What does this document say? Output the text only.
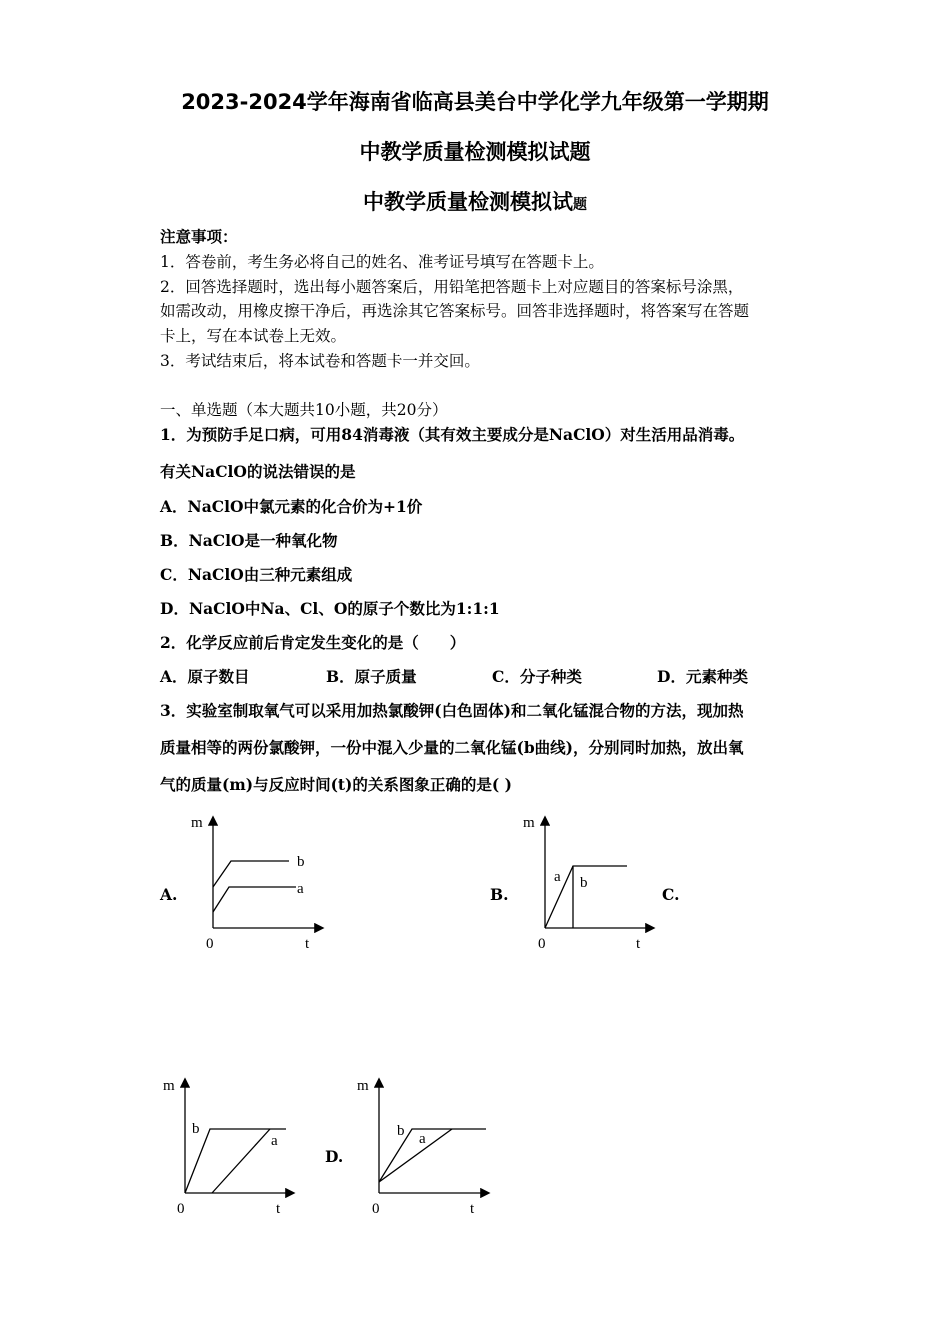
2023-2024学年海南省临高县美台中学化学九年级第一学期期
中教学质量检测模拟试题
中教学质量检测模拟试题
注意事项：
1．答卷前，考生务必将自己的姓名、准考证号填写在答题卡上。
2．回答选择题时，选出每小题答案后，用铅笔把答题卡上对应题目的答案标号涂黑，
如需改动，用橡皮擦干净后，再选涂其它答案标号。回答非选择题时，将答案写在答题
卡上，写在本试卷上无效。
3．考试结束后，将本试卷和答题卡一并交回。
一、单选题（本大题共10小题，共20分）
1．为预防手足口病，可用84消毒液（其有效主要成分是NaClO）对生活用品消毒。
有关NaClO的说法错误的是
A．NaClO中氯元素的化合价为+1价
B．NaClO是一种氧化物
C．NaClO由三种元素组成
D．NaClO中Na、Cl、O的原子个数比为1:1:1
2．化学反应前后肯定发生变化的是（　　）
A．原子数目	B．原子质量	C．分子种类	D．元素种类
3．实验室制取氧气可以采用加热氯酸钾(白色固体)和二氧化锰混合物的方法，现加热
质量相等的两份氯酸钾，一份中混入少量的二氧化锰(b曲线)，分别同时加热，放出氧
气的质量(m)与反应时间(t)的关系图象正确的是( )
A.	B.	C.
D.
m
0	t
b
a
m
0	t
a b
m
0	t
b
a
m
0	t
b a
